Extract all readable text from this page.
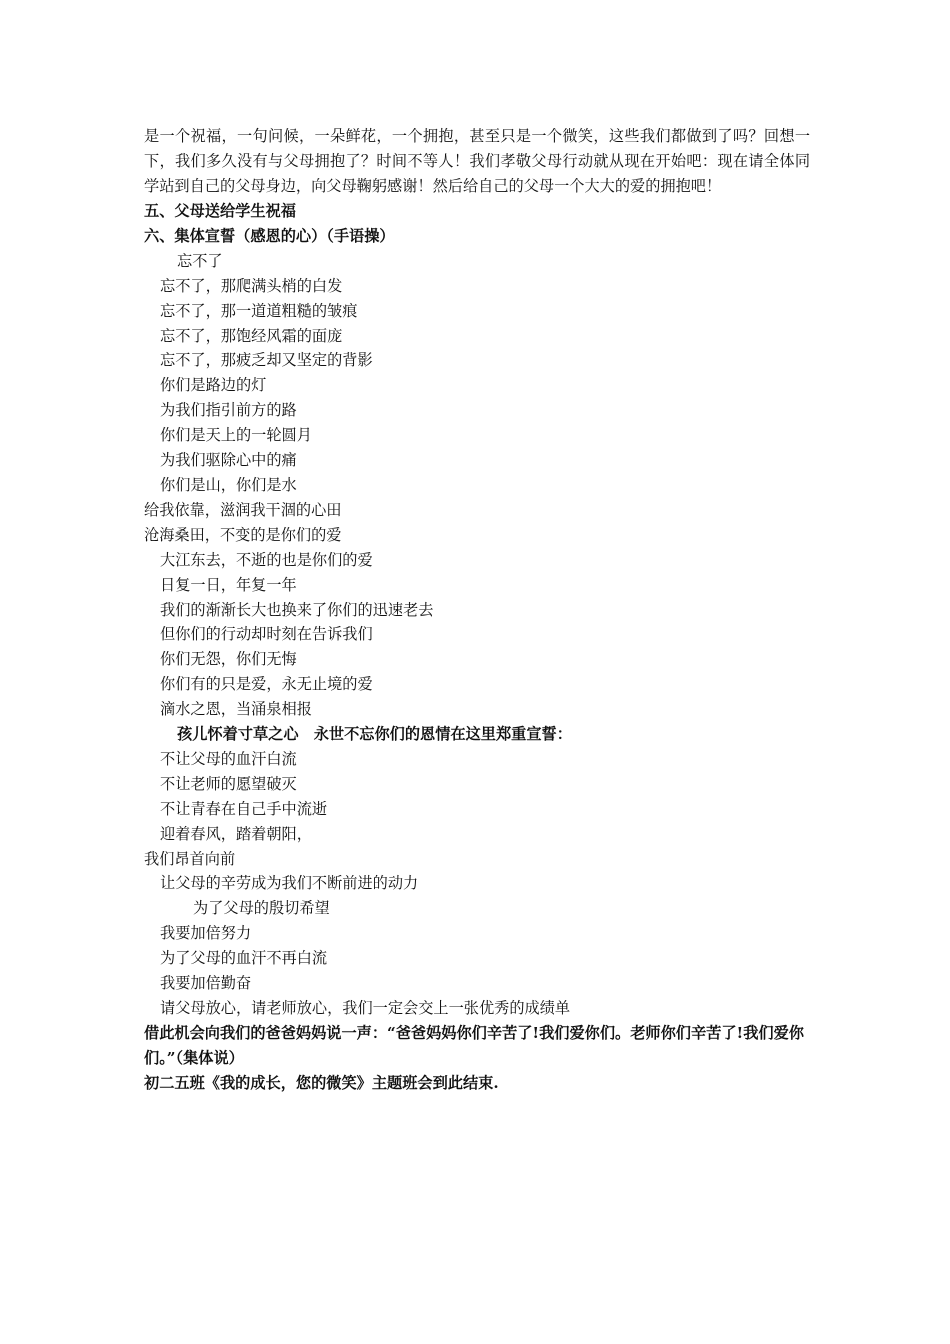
是一个祝福，一句问候，一朵鲜花，一个拥抱，甚至只是一个微笑，这些我们都做到了吗？回想一下，我们多久没有与父母拥抱了？时间不等人！我们孝敬父母行动就从现在开始吧：现在请全体同学站到自己的父母身边，向父母鞠躬感谢！然后给自己的父母一个大大的爱的拥抱吧！

五、父母送给学生祝福

六、集体宣誓（感恩的心）（手语操）

忘不了

忘不了，那爬满头梢的白发

忘不了，那一道道粗糙的皱痕

忘不了，那饱经风霜的面庞

忘不了，那疲乏却又坚定的背影

你们是路边的灯

为我们指引前方的路

你们是天上的一轮圆月

为我们驱除心中的痛

你们是山，你们是水

给我依靠，滋润我干涸的心田

沧海桑田，不变的是你们的爱

大江东去，不逝的也是你们的爱

日复一日，年复一年

我们的渐渐长大也换来了你们的迅速老去

但你们的行动却时刻在告诉我们

你们无怨，你们无悔

你们有的只是爱，永无止境的爱

滴水之恩，当涌泉相报

孩儿怀着寸草之心　永世不忘你们的恩情在这里郑重宣誓：

不让父母的血汗白流

不让老师的愿望破灭

不让青春在自己手中流逝

迎着春风，踏着朝阳，

我们昂首向前

让父母的辛劳成为我们不断前进的动力

为了父母的殷切希望

我要加倍努力

为了父母的血汗不再白流

我要加倍勤奋

请父母放心，请老师放心，我们一定会交上一张优秀的成绩单

借此机会向我们的爸爸妈妈说一声：“爸爸妈妈你们辛苦了!我们爱你们。老师你们辛苦了!我们爱你们。”（集体说）

初二五班《我的成长，您的微笑》主题班会到此结束.
